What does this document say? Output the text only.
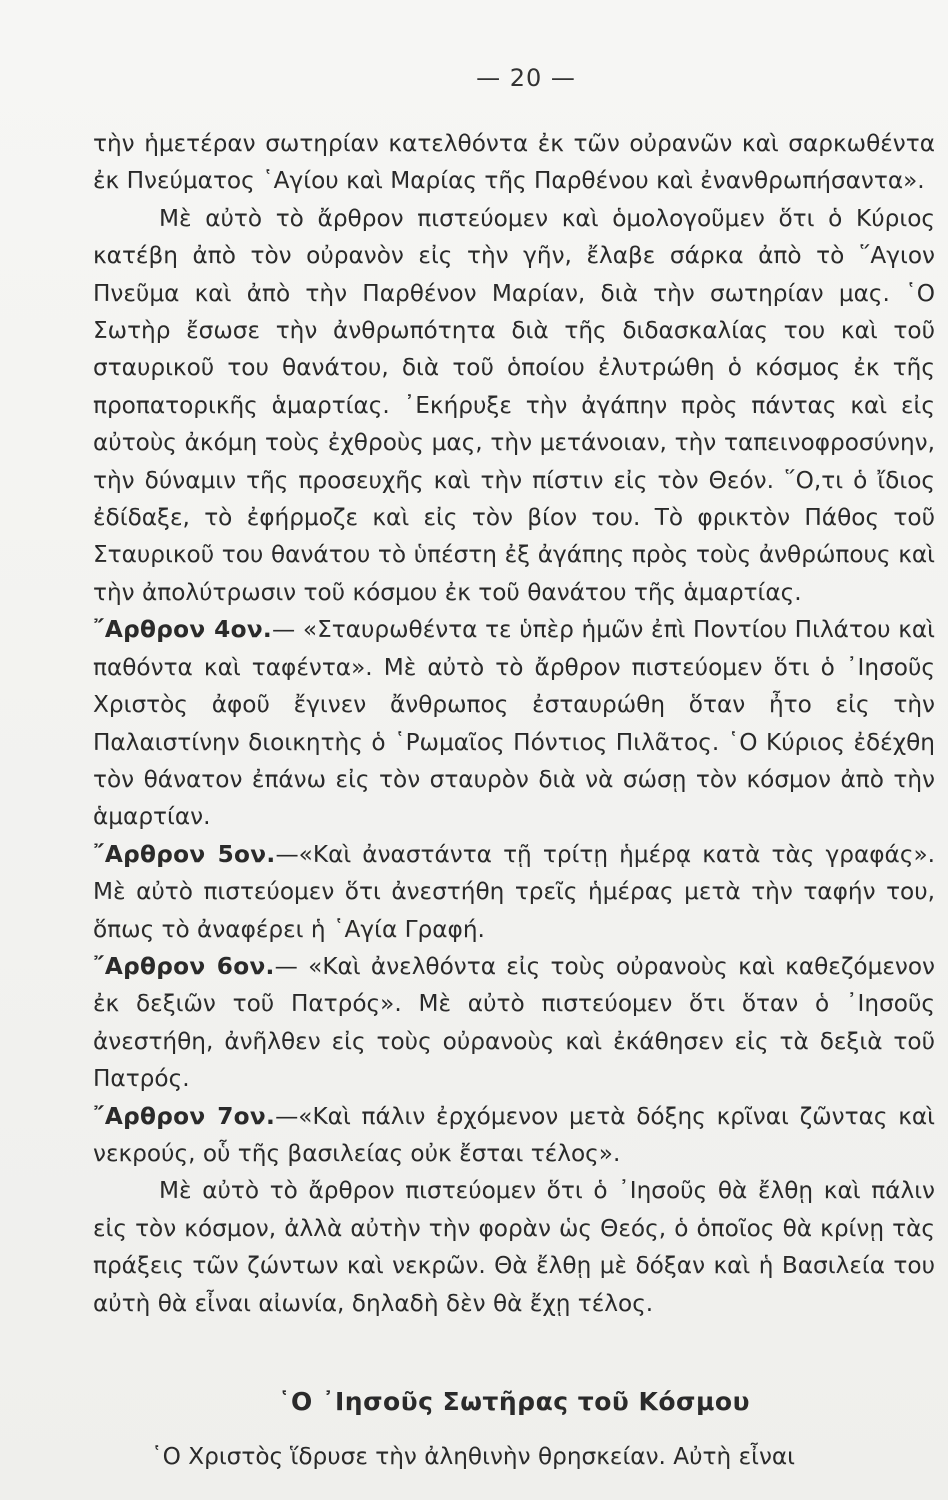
— 20 —

τὴν ἡμετέραν σωτηρίαν κατελθόντα ἐκ τῶν οὐρανῶν καὶ σαρκωθέντα ἐκ Πνεύματος ῾Αγίου καὶ Μαρίας τῆς Παρθένου καὶ ἐνανθρωπήσαντα».

Μὲ αὐτὸ τὸ ἄρθρον πιστεύομεν καὶ ὁμολογοῦμεν ὅτι ὁ Κύριος κατέβη ἀπὸ τὸν οὐρανὸν εἰς τὴν γῆν, ἔλαβε σάρκα ἀπὸ τὸ ῞Αγιον Πνεῦμα καὶ ἀπὸ τὴν Παρθένον Μαρίαν, διὰ τὴν σωτηρίαν μας. ῾Ο Σωτὴρ ἔσωσε τὴν ἀνθρωπότητα διὰ τῆς διδασκαλίας του καὶ τοῦ σταυρικοῦ του θανάτου, διὰ τοῦ ὁποίου ἐλυτρώθη ὁ κόσμος ἐκ τῆς προπατορικῆς ἁμαρτίας. ᾿Εκήρυξε τὴν ἀγάπην πρὸς πάντας καὶ εἰς αὐτοὺς ἀκόμη τοὺς ἐχθροὺς μας, τὴν μετάνοιαν, τὴν ταπεινοφροσύνην, τὴν δύναμιν τῆς προσευχῆς καὶ τὴν πίστιν εἰς τὸν Θεόν. ῞Ο,τι ὁ ἴδιος ἐδίδαξε, τὸ ἐφήρμοζε καὶ εἰς τὸν βίον του. Τὸ φρικτὸν Πάθος τοῦ Σταυρικοῦ του θανάτου τὸ ὑπέστη ἐξ ἀγάπης πρὸς τοὺς ἀνθρώπους καὶ τὴν ἀπολύτρωσιν τοῦ κόσμου ἐκ τοῦ θανάτου τῆς ἁμαρτίας.

῎Αρθρον 4ον.— «Σταυρωθέντα τε ὑπὲρ ἡμῶν ἐπὶ Ποντίου Πιλάτου καὶ παθόντα καὶ ταφέντα». Μὲ αὐτὸ τὸ ἄρθρον πιστεύομεν ὅτι ὁ ᾿Ιησοῦς Χριστὸς ἀφοῦ ἔγινεν ἄνθρωπος ἐσταυρώθη ὅταν ἦτο εἰς τὴν Παλαιστίνην διοικητὴς ὁ ῾Ρωμαῖος Πόντιος Πιλᾶτος. ῾Ο Κύριος ἐδέχθη τὸν θάνατον ἐπάνω εἰς τὸν σταυρὸν διὰ νὰ σώσῃ τὸν κόσμον ἀπὸ τὴν ἁμαρτίαν.

῎Αρθρον 5ον.—«Καὶ ἀναστάντα τῇ τρίτῃ ἡμέρᾳ κατὰ τὰς γραφάς». Μὲ αὐτὸ πιστεύομεν ὅτι ἀνεστήθη τρεῖς ἡμέρας μετὰ τὴν ταφήν του, ὅπως τὸ ἀναφέρει ἡ ῾Αγία Γραφή.

῎Αρθρον 6ον.— «Καὶ ἀνελθόντα εἰς τοὺς οὐρανοὺς καὶ καθεζόμενον ἐκ δεξιῶν τοῦ Πατρός». Μὲ αὐτὸ πιστεύομεν ὅτι ὅταν ὁ ᾿Ιησοῦς ἀνεστήθη, ἀνῆλθεν εἰς τοὺς οὐρανοὺς καὶ ἐκάθησεν εἰς τὰ δεξιὰ τοῦ Πατρός.

῎Αρθρον 7ον.—«Καὶ πάλιν ἐρχόμενον μετὰ δόξης κρῖναι ζῶντας καὶ νεκρούς, οὗ τῆς βασιλείας οὐκ ἔσται τέλος».

Μὲ αὐτὸ τὸ ἄρθρον πιστεύομεν ὅτι ὁ ᾿Ιησοῦς θὰ ἔλθῃ καὶ πάλιν εἰς τὸν κόσμον, ἀλλὰ αὐτὴν τὴν φορὰν ὡς Θεός, ὁ ὁποῖος θὰ κρίνῃ τὰς πράξεις τῶν ζώντων καὶ νεκρῶν. Θὰ ἔλθῃ μὲ δόξαν καὶ ἡ Βασιλεία του αὐτὴ θὰ εἶναι αἰωνία, δηλαδὴ δὲν θὰ ἔχῃ τέλος.

῾Ο ᾿Ιησοῦς Σωτῆρας τοῦ Κόσμου
῾Ο Χριστὸς ἵδρυσε τὴν ἀληθινὴν θρησκείαν. Αὐτὴ εἶναι
